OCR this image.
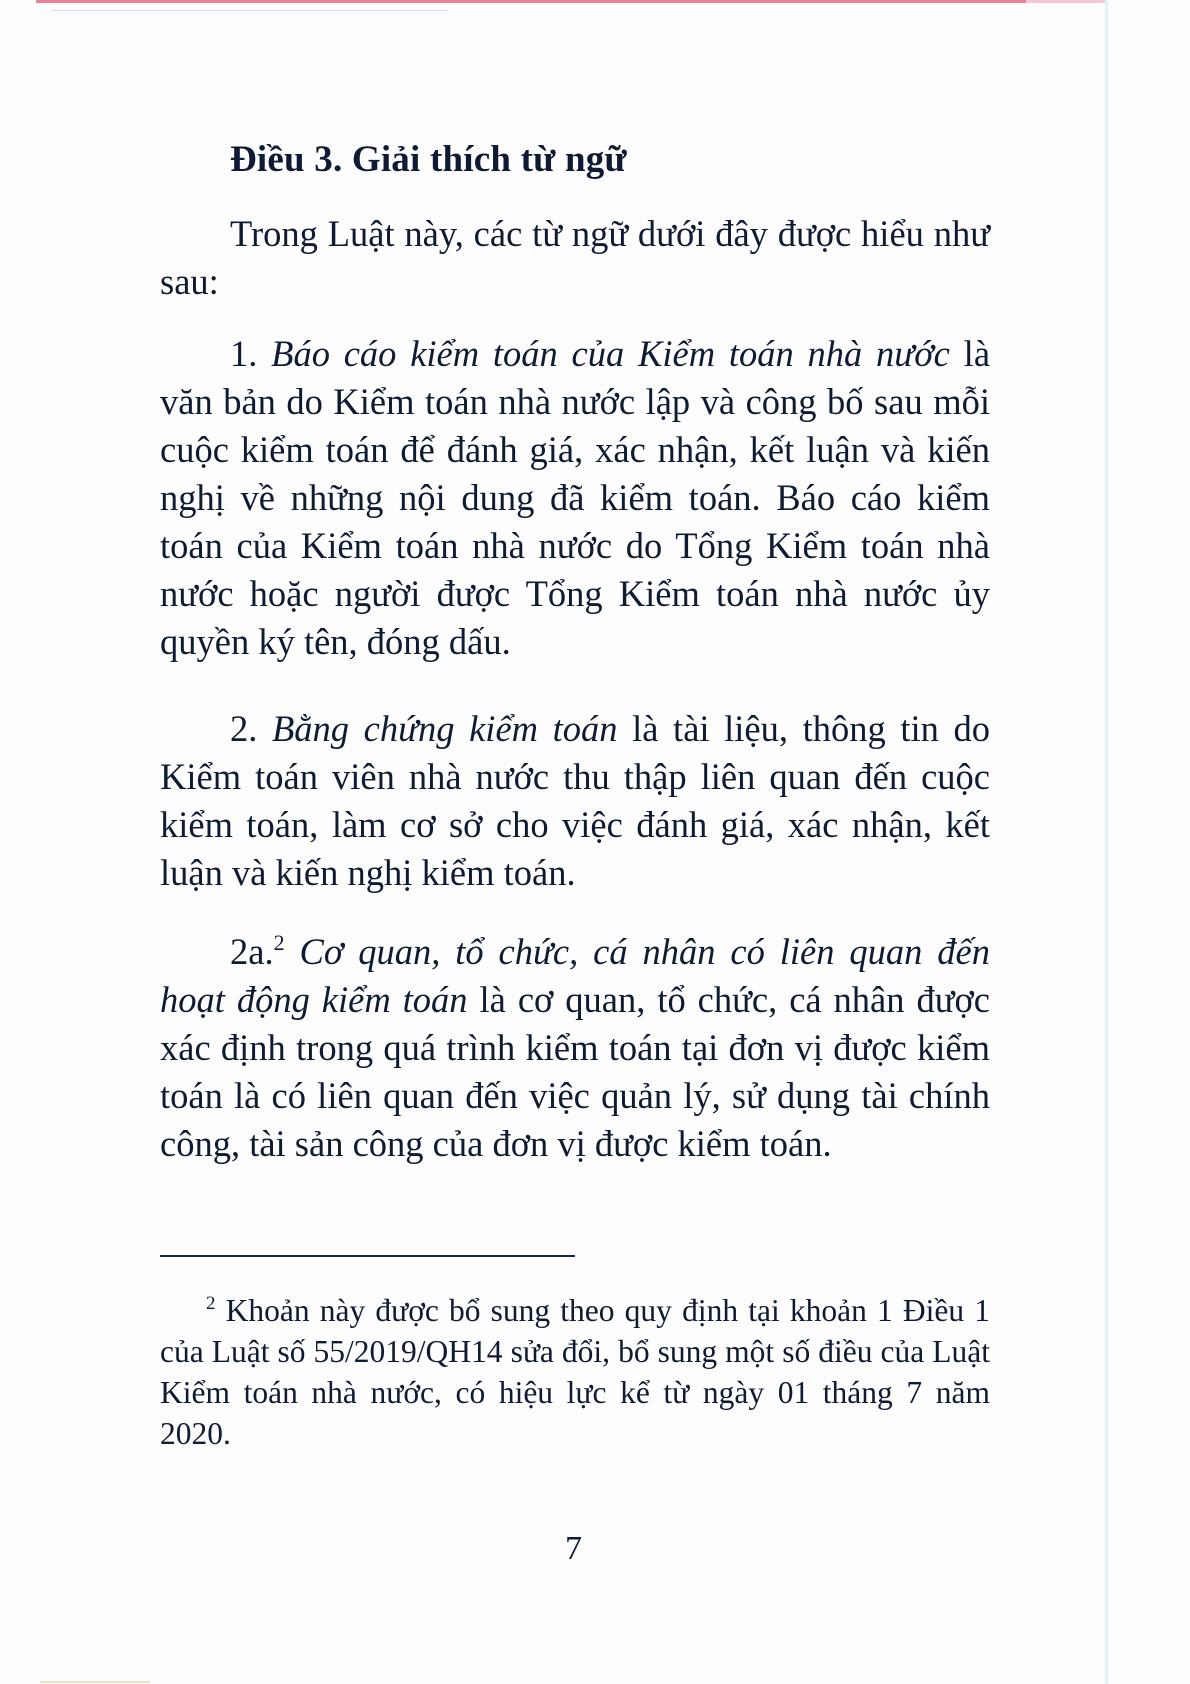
Điều 3. Giải thích từ ngữ
Trong Luật này, các từ ngữ dưới đây được hiểu như sau:
1. Báo cáo kiểm toán của Kiểm toán nhà nước là văn bản do Kiểm toán nhà nước lập và công bố sau mỗi cuộc kiểm toán để đánh giá, xác nhận, kết luận và kiến nghị về những nội dung đã kiểm toán. Báo cáo kiểm toán của Kiểm toán nhà nước do Tổng Kiểm toán nhà nước hoặc người được Tổng Kiểm toán nhà nước ủy quyền ký tên, đóng dấu.
2. Bằng chứng kiểm toán là tài liệu, thông tin do Kiểm toán viên nhà nước thu thập liên quan đến cuộc kiểm toán, làm cơ sở cho việc đánh giá, xác nhận, kết luận và kiến nghị kiểm toán.
2a.$^2$ Cơ quan, tổ chức, cá nhân có liên quan đến hoạt động kiểm toán là cơ quan, tổ chức, cá nhân được xác định trong quá trình kiểm toán tại đơn vị được kiểm toán là có liên quan đến việc quản lý, sử dụng tài chính công, tài sản công của đơn vị được kiểm toán.
$^2$ Khoản này được bổ sung theo quy định tại khoản 1 Điều 1 của Luật số 55/2019/QH14 sửa đổi, bổ sung một số điều của Luật Kiểm toán nhà nước, có hiệu lực kể từ ngày 01 tháng 7 năm 2020.
7
